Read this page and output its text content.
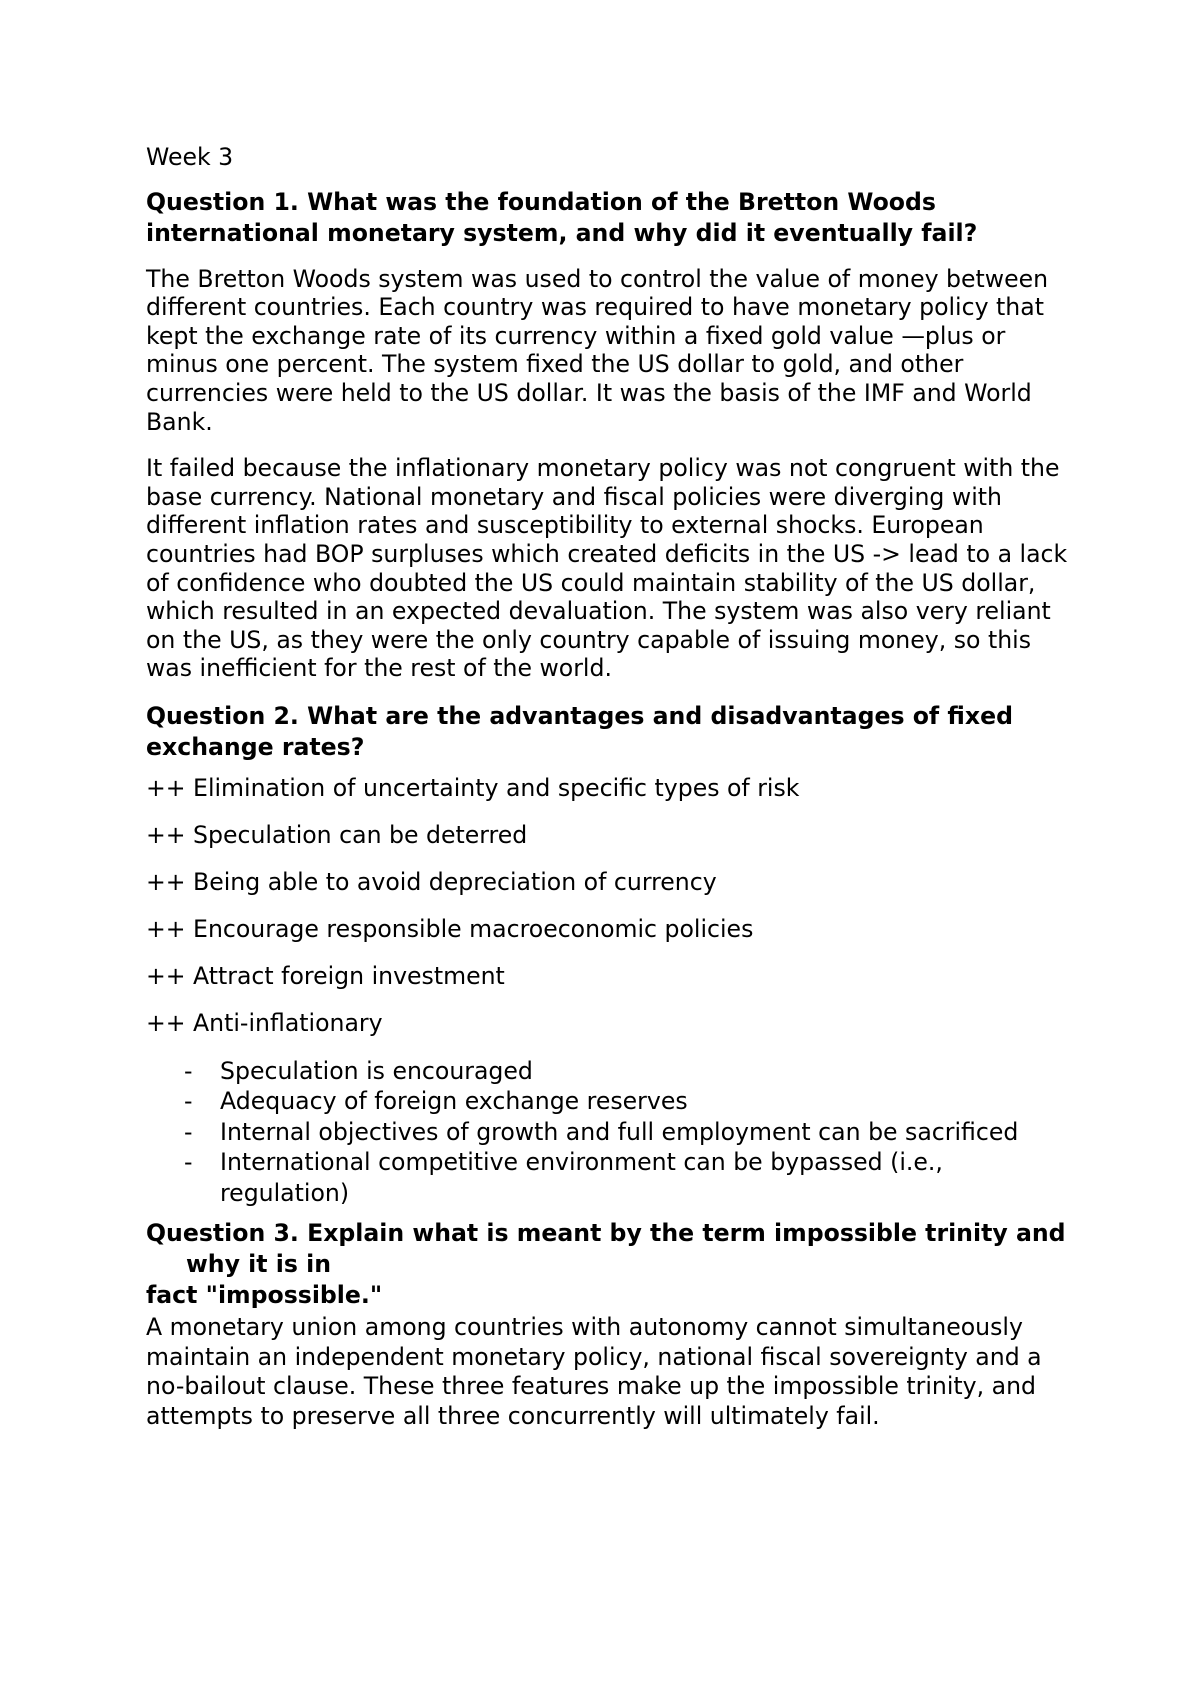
Week 3

Question 1. What was the foundation of the Bretton Woods international monetary system, and why did it eventually fail?

The Bretton Woods system was used to control the value of money between different countries. Each country was required to have monetary policy that kept the exchange rate of its currency within a fixed gold value —plus or minus one percent. The system fixed the US dollar to gold, and other currencies were held to the US dollar. It was the basis of the IMF and World Bank.

It failed because the inflationary monetary policy was not congruent with the base currency. National monetary and fiscal policies were diverging with different inflation rates and susceptibility to external shocks. European countries had BOP surpluses which created deficits in the US -> lead to a lack of confidence who doubted the US could maintain stability of the US dollar, which resulted in an expected devaluation. The system was also very reliant on the US, as they were the only country capable of issuing money, so this was inefficient for the rest of the world.

Question 2. What are the advantages and disadvantages of fixed exchange rates?

++ Elimination of uncertainty and specific types of risk

++ Speculation can be deterred

++ Being able to avoid depreciation of currency

++ Encourage responsible macroeconomic policies

++ Attract foreign investment

++ Anti-inflationary

- Speculation is encouraged
- Adequacy of foreign exchange reserves
- Internal objectives of growth and full employment can be sacrificed
- International competitive environment can be bypassed (i.e., regulation)

Question 3. Explain what is meant by the term impossible trinity and why it is in

fact "impossible."

A monetary union among countries with autonomy cannot simultaneously maintain an independent monetary policy, national fiscal sovereignty and a no-bailout clause. These three features make up the impossible trinity, and attempts to preserve all three concurrently will ultimately fail.
